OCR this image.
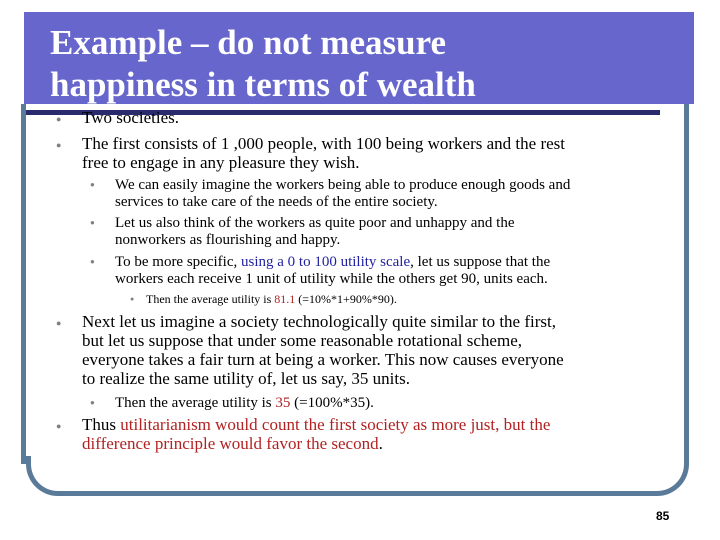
Example – do not measure
happiness in terms of wealth
● Two societies.
● The first consists of 1 ,000 people, with 100 being workers and the rest
free to engage in any pleasure they wish.
● We can easily imagine the workers being able to produce enough goods and
services to take care of the needs of the entire society.
● Let us also think of the workers as quite poor and unhappy and the
nonworkers as flourishing and happy.
● To be more specific, using a 0 to 100 utility scale, let us suppose that the
workers each receive 1 unit of utility while the others get 90, units each.
● Then the average utility is 81.1 (=10%*1+90%*90).
● Next let us imagine a society technologically quite similar to the first,
but let us suppose that under some reasonable rotational scheme,
everyone takes a fair turn at being a worker. This now causes everyone
to realize the same utility of, let us say, 35 units.
● Then the average utility is 35 (=100%*35).
● Thus utilitarianism would count the first society as more just, but the
difference principle would favor the second.
85
